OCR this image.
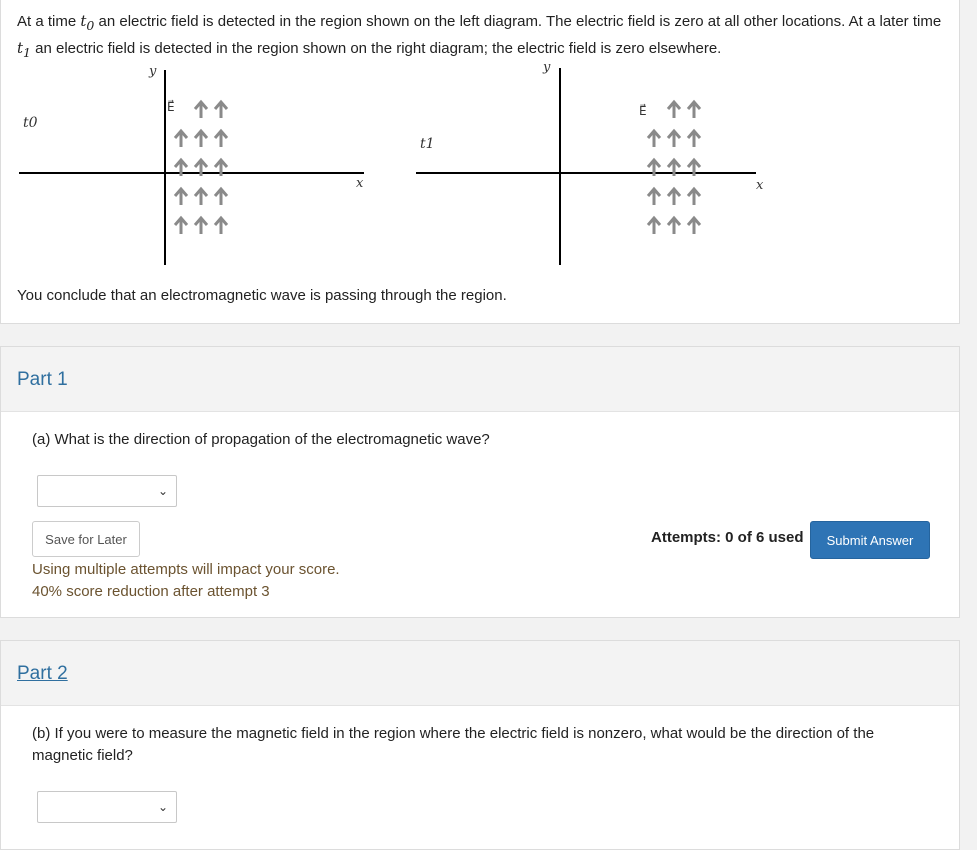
At a time $t_0$ an electric field is detected in the region shown on the left diagram. The electric field is zero at all other locations. At a later time $t_1$ an electric field is detected in the region shown on the right diagram; the electric field is zero elsewhere.
t0
y
x
E⃗
t1
y
x
E⃗
You conclude that an electromagnetic wave is passing through the region.
Part 1
(a) What is the direction of propagation of the electromagnetic wave?
⌄
Save for Later	Attempts: 0 of 6 used	Submit Answer
Using multiple attempts will impact your score.
40% score reduction after attempt 3
Part 2
(b) If you were to measure the magnetic field in the region where the electric field is nonzero, what would be the direction of the magnetic field?
⌄
